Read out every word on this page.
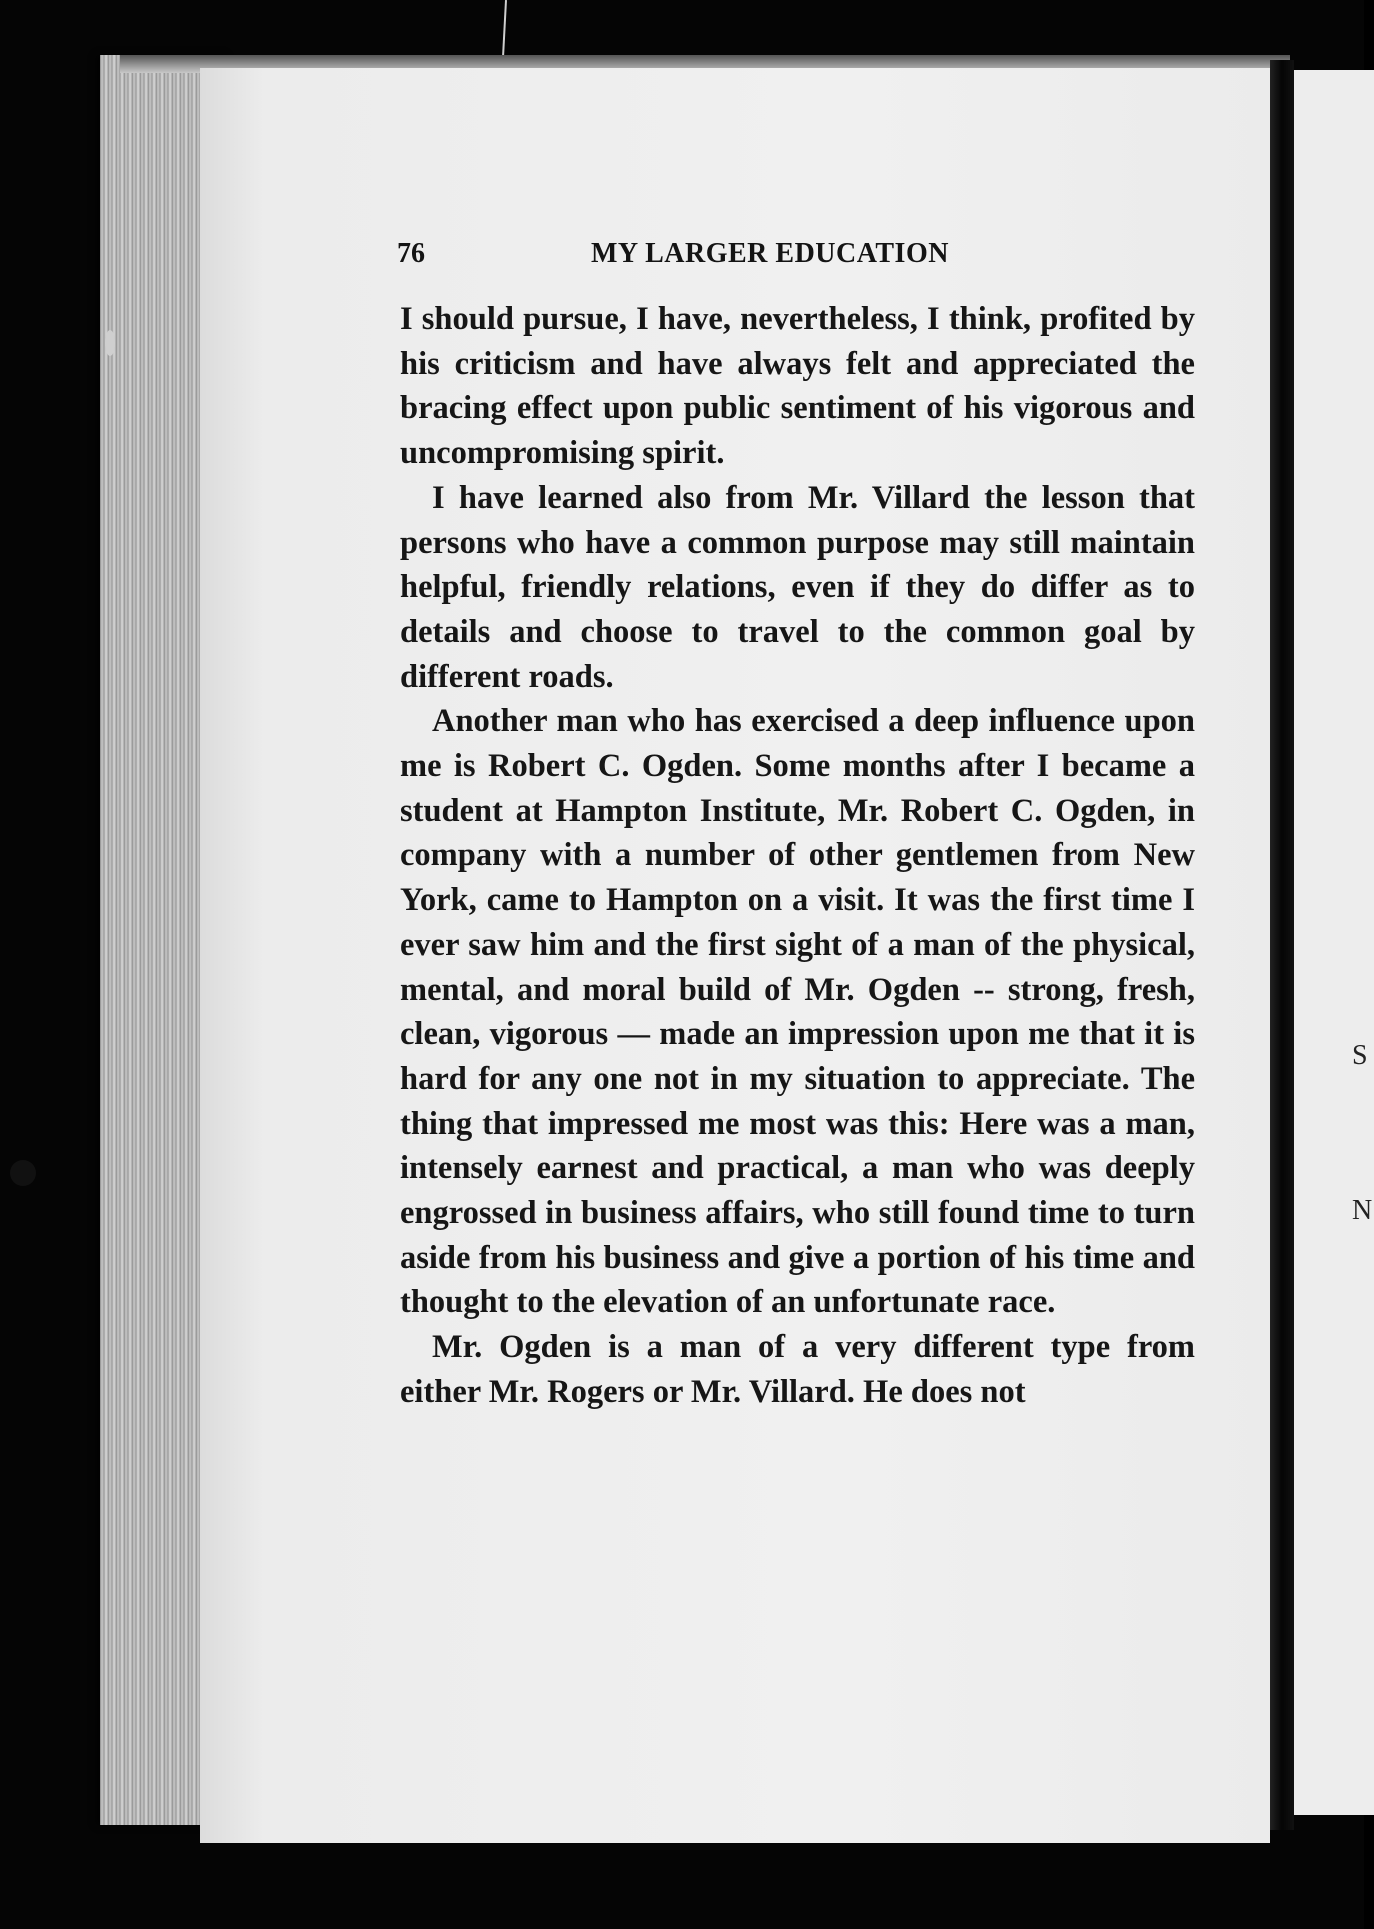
S
N
76	MY LARGER EDUCATION

I should pursue, I have, nevertheless, I think, profited by his criticism and have always felt and appreciated the bracing effect upon public sentiment of his vigorous and uncompromising spirit.

I have learned also from Mr. Villard the lesson that persons who have a common purpose may still maintain helpful, friendly relations, even if they do differ as to details and choose to travel to the common goal by different roads.

Another man who has exercised a deep influence upon me is Robert C. Ogden. Some months after I became a student at Hampton Institute, Mr. Robert C. Ogden, in company with a number of other gentlemen from New York, came to Hampton on a visit. It was the first time I ever saw him and the first sight of a man of the physical, mental, and moral build of Mr. Ogden -- strong, fresh, clean, vigorous — made an impression upon me that it is hard for any one not in my situation to appreciate. The thing that impressed me most was this: Here was a man, intensely earnest and practical, a man who was deeply engrossed in business affairs, who still found time to turn aside from his business and give a portion of his time and thought to the elevation of an unfortunate race.

Mr. Ogden is a man of a very different type from either Mr. Rogers or Mr. Villard. He does not
